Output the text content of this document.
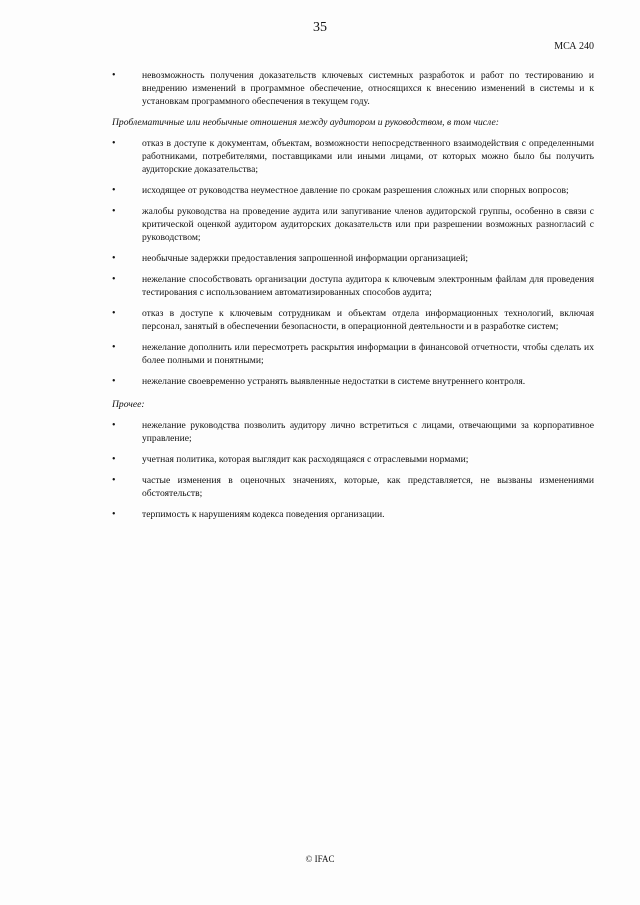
35
МСА 240
•	невозможность получения доказательств ключевых системных разработок и работ по тестированию и внедрению изменений в программное обеспечение, относящихся к внесению изменений в системы и к установкам программного обеспечения в текущем году.
Проблематичные или необычные отношения между аудитором и руководством, в том числе:
•	отказ в доступе к документам, объектам, возможности непосредственного взаимодействия с определенными работниками, потребителями, поставщиками или иными лицами, от которых можно было бы получить аудиторские доказательства;
•	исходящее от руководства неуместное давление по срокам разрешения сложных или спорных вопросов;
•	жалобы руководства на проведение аудита или запугивание членов аудиторской группы, особенно в связи с критической оценкой аудитором аудиторских доказательств или при разрешении возможных разногласий с руководством;
•	необычные задержки предоставления запрошенной информации организацией;
•	нежелание способствовать организации доступа аудитора к ключевым электронным файлам для проведения тестирования с использованием автоматизированных способов аудита;
•	отказ в доступе к ключевым сотрудникам и объектам отдела информационных технологий, включая персонал, занятый в обеспечении безопасности, в операционной деятельности и в разработке систем;
•	нежелание дополнить или пересмотреть раскрытия информации в финансовой отчетности, чтобы сделать их более полными и понятными;
•	нежелание своевременно устранять выявленные недостатки в системе внутреннего контроля.
Прочее:
•	нежелание руководства позволить аудитору лично встретиться с лицами, отвечающими за корпоративное управление;
•	учетная политика, которая выглядит как расходящаяся с отраслевыми нормами;
•	частые изменения в оценочных значениях, которые, как представляется, не вызваны изменениями обстоятельств;
•	терпимость к нарушениям кодекса поведения организации.
© IFAC
